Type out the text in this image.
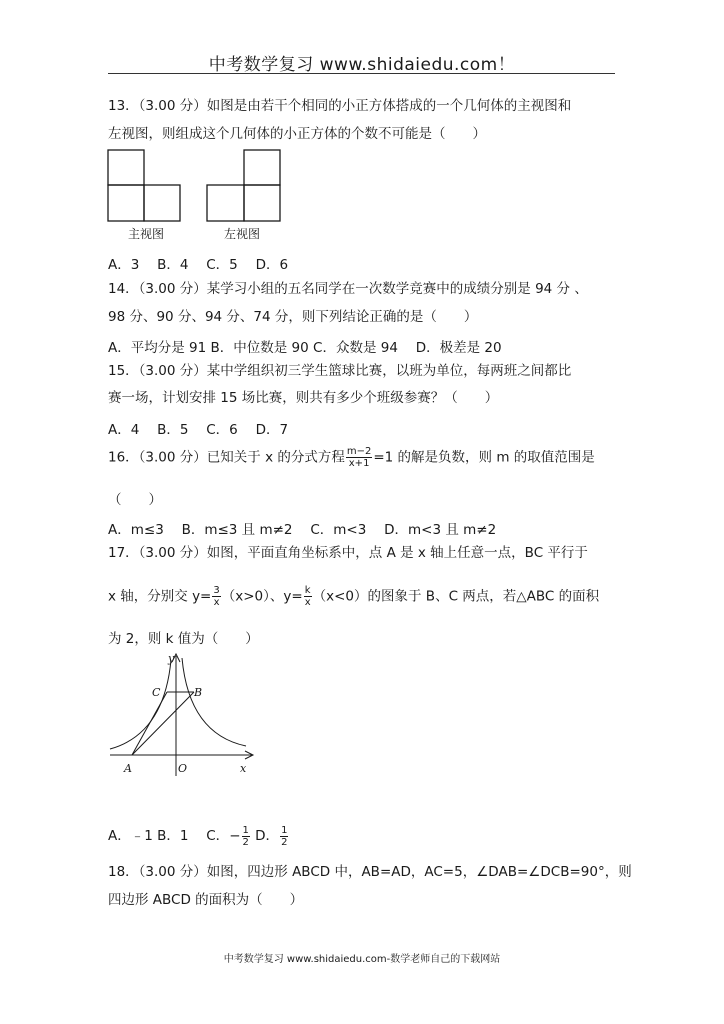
中考数学复习 www.shidaiedu.com！
13．（3.00 分）如图是由若干个相同的小正方体搭成的一个几何体的主视图和
左视图，则组成这个几何体的小正方体的个数不可能是（　　）
主视图	左视图
A．3　 B．4　 C．5　 D．6
14．（3.00 分）某学习小组的五名同学在一次数学竞赛中的成绩分别是 94 分 、
98 分、90 分、94 分、74 分，则下列结论正确的是（　　）
A．平均分是 91 B．中位数是 90 C．众数是 94　 D．极差是 20
15．（3.00 分）某中学组织初三学生篮球比赛，以班为单位，每两班之间都比
赛一场，计划安排 15 场比赛，则共有多少个班级参赛？（　　）
A．4　 B．5　 C．6　 D．7
16．（3.00 分）已知关于 x 的分式方程 $\frac{m-2}{x+1} =1$ 的解是负数，则 m 的取值范围是
（　　）
A．m≤3　 B．m≤3 且 m≠2　 C．m<3　 D．m<3 且 m≠2
17．（3.00 分）如图，平面直角坐标系中，点 A 是 x 轴上任意一点，BC 平行于
x 轴，分别交 $y= \frac{3}{x} (x>0)$、$y= \frac{k}{x} (x<0)$的图象于 B、C 两点，若△ABC 的面积
为 2，则 k 值为（　　）
y
C	B
A	O	x
A．﹣1 B．1　 C．− $\frac{1}{2}$ D． $\frac{1}{2}$
18．（3.00 分）如图，四边形 ABCD 中，AB=AD，AC=5，∠DAB=∠DCB=90°，则
四边形 ABCD 的面积为（　　）
中考数学复习 www.shidaiedu.com-数学老师自己的下载网站
